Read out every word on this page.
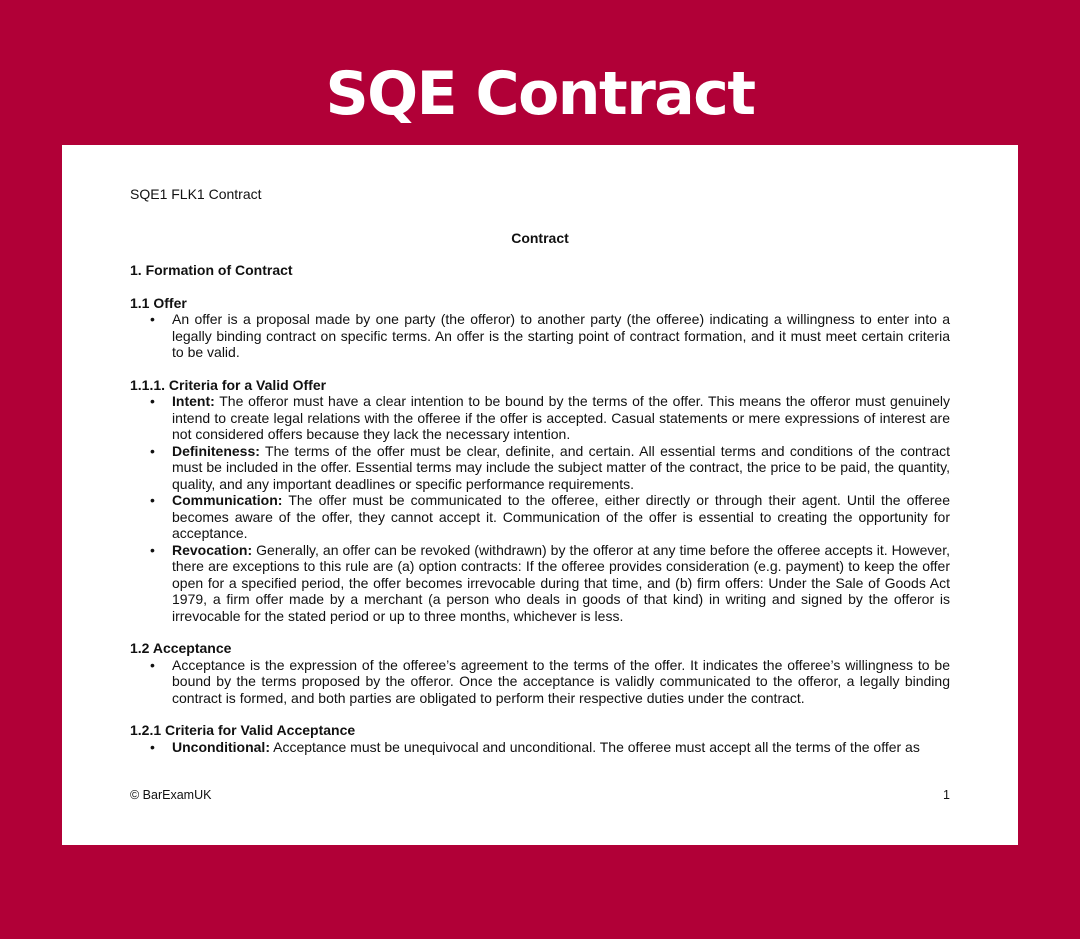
SQE Contract

SQE1 FLK1 Contract

Contract

1. Formation of Contract

1.1 Offer

• An offer is a proposal made by one party (the offeror) to another party (the offeree) indicating a willingness to enter into a legally binding contract on specific terms. An offer is the starting point of contract formation, and it must meet certain criteria to be valid.

1.1.1. Criteria for a Valid Offer

• Intent: The offeror must have a clear intention to be bound by the terms of the offer. This means the offeror must genuinely intend to create legal relations with the offeree if the offer is accepted. Casual statements or mere expressions of interest are not considered offers because they lack the necessary intention.
• Definiteness: The terms of the offer must be clear, definite, and certain. All essential terms and conditions of the contract must be included in the offer. Essential terms may include the subject matter of the contract, the price to be paid, the quantity, quality, and any important deadlines or specific performance requirements.
• Communication: The offer must be communicated to the offeree, either directly or through their agent. Until the offeree becomes aware of the offer, they cannot accept it. Communication of the offer is essential to creating the opportunity for acceptance.
• Revocation: Generally, an offer can be revoked (withdrawn) by the offeror at any time before the offeree accepts it. However, there are exceptions to this rule are (a) option contracts: If the offeree provides consideration (e.g. payment) to keep the offer open for a specified period, the offer becomes irrevocable during that time, and (b) firm offers: Under the Sale of Goods Act 1979, a firm offer made by a merchant (a person who deals in goods of that kind) in writing and signed by the offeror is irrevocable for the stated period or up to three months, whichever is less.

1.2 Acceptance

• Acceptance is the expression of the offeree’s agreement to the terms of the offer. It indicates the offeree’s willingness to be bound by the terms proposed by the offeror. Once the acceptance is validly communicated to the offeror, a legally binding contract is formed, and both parties are obligated to perform their respective duties under the contract.

1.2.1 Criteria for Valid Acceptance

• Unconditional: Acceptance must be unequivocal and unconditional. The offeree must accept all the terms of the offer as
© BarExamUK	1
